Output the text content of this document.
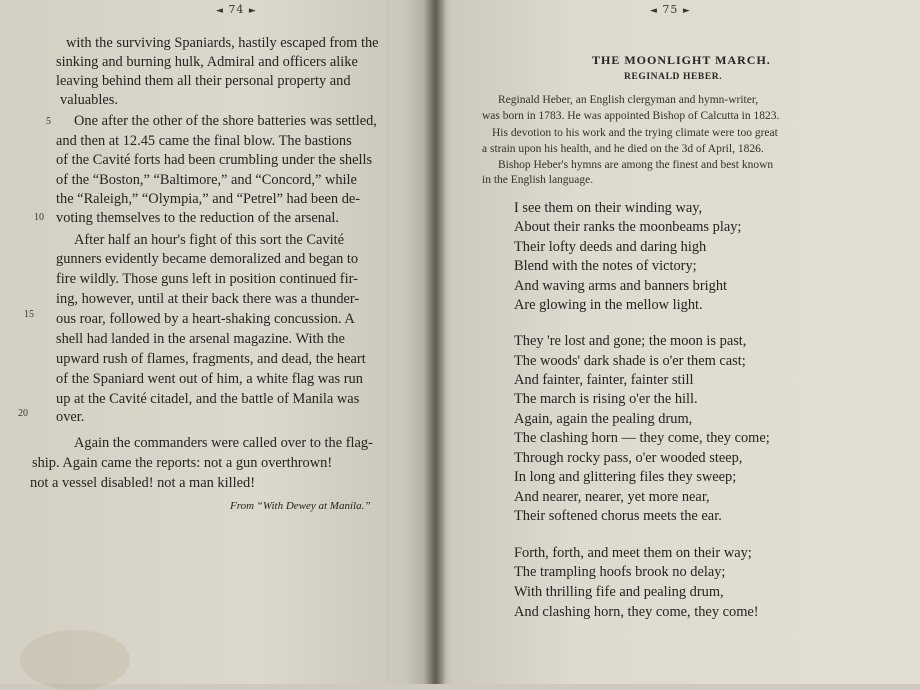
◄ 74 ►
with the surviving Spaniards, hastily escaped from the
sinking and burning hulk, Admiral and officers alike
leaving behind them all their personal property and
valuables.
One after the other of the shore batteries was settled,
and then at 12.45 came the final blow. The bastions
of the Cavité forts had been crumbling under the shells
of the “Boston,” “Baltimore,” and “Concord,” while
the “Raleigh,” “Olympia,” and “Petrel” had been de-
voting themselves to the reduction of the arsenal.
After half an hour's fight of this sort the Cavité
gunners evidently became demoralized and began to
fire wildly. Those guns left in position continued fir-
ing, however, until at their back there was a thunder-
ous roar, followed by a heart-shaking concussion. A
shell had landed in the arsenal magazine. With the
upward rush of flames, fragments, and dead, the heart
of the Spaniard went out of him, a white flag was run
up at the Cavité citadel, and the battle of Manila was
over.
Again the commanders were called over to the flag-
ship. Again came the reports: not a gun overthrown!
not a vessel disabled! not a man killed!
5
10
15
20
From “With Dewey at Manila.”
◄ 75 ►
THE MOONLIGHT MARCH.
REGINALD HEBER.
Reginald Heber, an English clergyman and hymn-writer,
was born in 1783. He was appointed Bishop of Calcutta in 1823.
His devotion to his work and the trying climate were too great
a strain upon his health, and he died on the 3d of April, 1826.
Bishop Heber's hymns are among the finest and best known
in the English language.
I see them on their winding way,
About their ranks the moonbeams play;
Their lofty deeds and daring high
Blend with the notes of victory;
And waving arms and banners bright
Are glowing in the mellow light.
They 're lost and gone; the moon is past,
The woods' dark shade is o'er them cast;
And fainter, fainter, fainter still
The march is rising o'er the hill.
Again, again the pealing drum,
The clashing horn — they come, they come;
Through rocky pass, o'er wooded steep,
In long and glittering files they sweep;
And nearer, nearer, yet more near,
Their softened chorus meets the ear.
Forth, forth, and meet them on their way;
The trampling hoofs brook no delay;
With thrilling fife and pealing drum,
And clashing horn, they come, they come!
